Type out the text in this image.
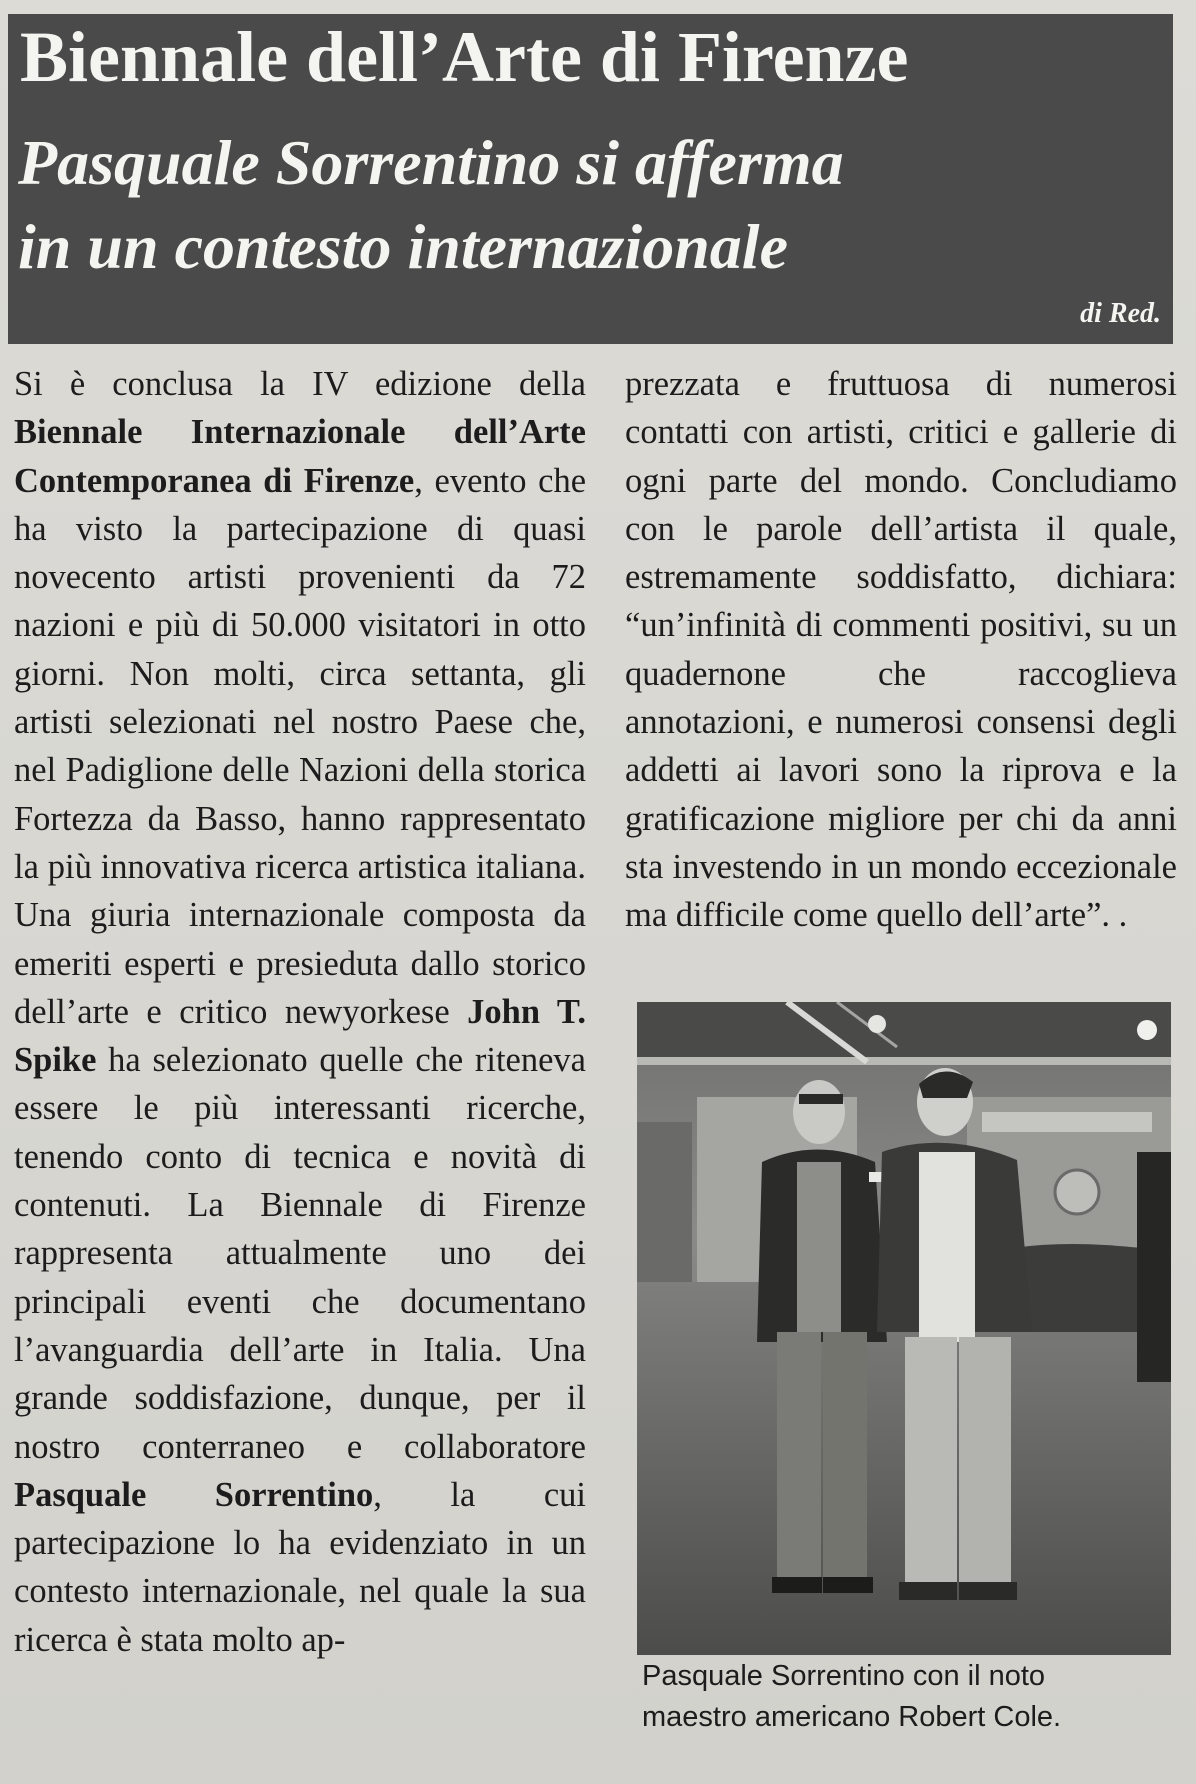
Biennale dell’Arte di Firenze
Pasquale Sorrentino si afferma
in un contesto internazionale
di Red.

Si è conclusa la IV edizione della Biennale Internazionale dell’Arte Contemporanea di Firenze, evento che ha visto la partecipazione di quasi novecento artisti provenienti da 72 nazioni e più di 50.000 visitatori in otto giorni. Non molti, circa settanta, gli artisti selezionati nel nostro Paese che, nel Padiglione delle Nazioni della storica Fortezza da Basso, hanno rappresentato la più innovativa ricerca artistica italiana. Una giuria internazionale composta da emeriti esperti e presieduta dallo storico dell’arte e critico newyorkese John T. Spike ha selezionato quelle che riteneva essere le più interessanti ricerche, tenendo conto di tecnica e novità di contenuti. La Biennale di Firenze rappresenta attualmente uno dei principali eventi che documentano l’avanguardia dell’arte in Italia. Una grande soddisfazione, dunque, per il nostro conterraneo e collaboratore Pasquale Sorrentino, la cui partecipazione lo ha evidenziato in un contesto internazionale, nel quale la sua ricerca è stata molto ap-

prezzata e fruttuosa di numerosi contatti con artisti, critici e gallerie di ogni parte del mondo. Concludiamo con le parole dell’artista il quale, estremamente soddisfatto, dichiara: “un’infinità di commenti positivi, su un quadernone che raccoglieva annotazioni, e numerosi consensi degli addetti ai lavori sono la riprova e la gratificazione migliore per chi da anni sta investendo in un mondo eccezionale ma difficile come quello dell’arte”. .

Pasquale Sorrentino con il noto
maestro americano Robert Cole.
